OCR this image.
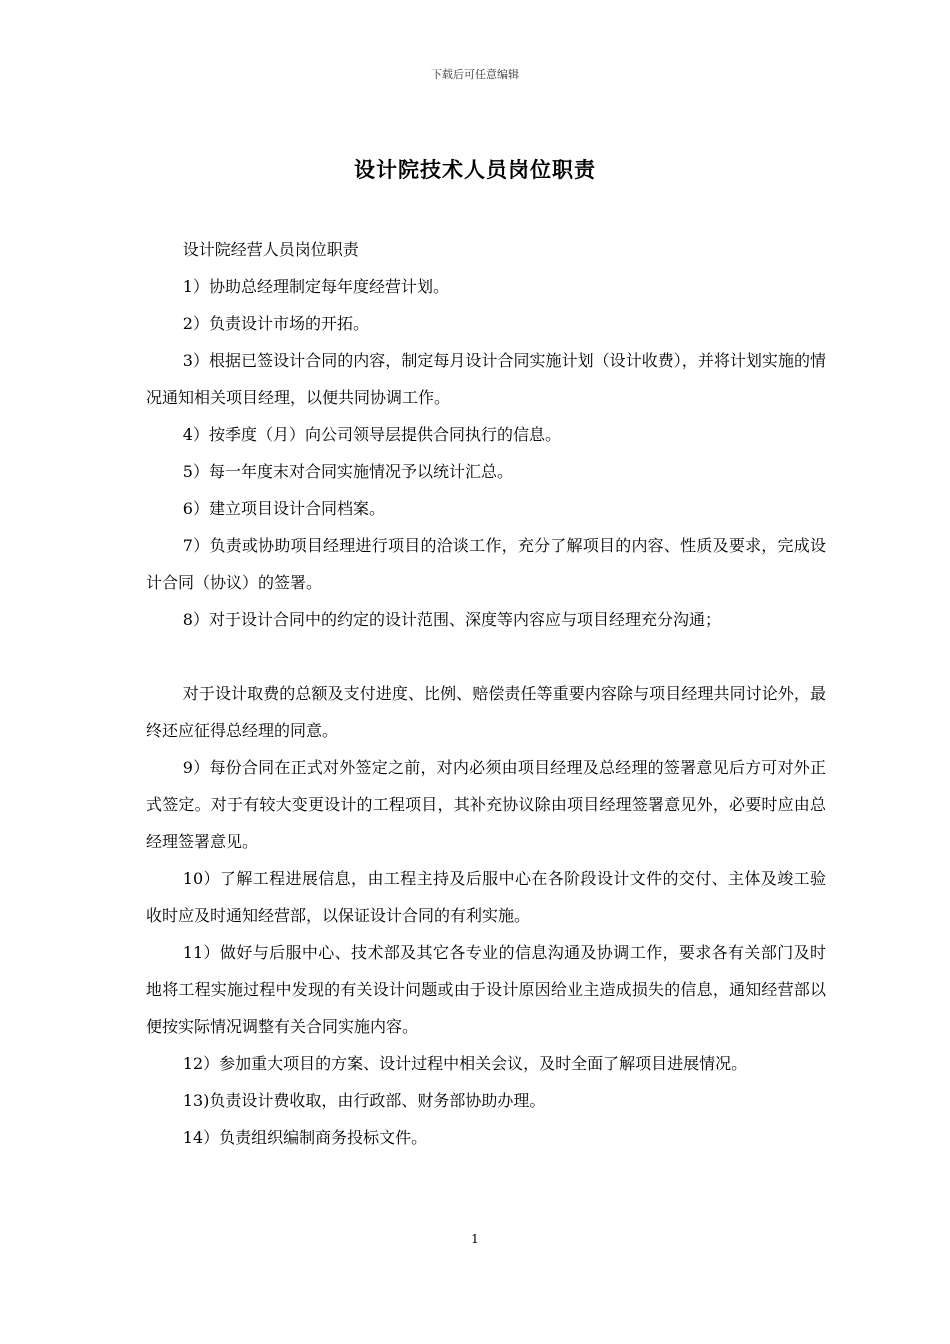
下载后可任意编辑
设计院技术人员岗位职责

设计院经营人员岗位职责

1）协助总经理制定每年度经营计划。

2）负责设计市场的开拓。

3）根据已签设计合同的内容，制定每月设计合同实施计划（设计收费），并将计划实施的情况通知相关项目经理，以便共同协调工作。

4）按季度（月）向公司领导层提供合同执行的信息。

5）每一年度末对合同实施情况予以统计汇总。

6）建立项目设计合同档案。

7）负责或协助项目经理进行项目的洽谈工作，充分了解项目的内容、性质及要求，完成设计合同（协议）的签署。

8）对于设计合同中的约定的设计范围、深度等内容应与项目经理充分沟通；

对于设计取费的总额及支付进度、比例、赔偿责任等重要内容除与项目经理共同讨论外，最终还应征得总经理的同意。

9）每份合同在正式对外签定之前，对内必须由项目经理及总经理的签署意见后方可对外正式签定。对于有较大变更设计的工程项目，其补充协议除由项目经理签署意见外，必要时应由总经理签署意见。

10）了解工程进展信息，由工程主持及后服中心在各阶段设计文件的交付、主体及竣工验收时应及时通知经营部，以保证设计合同的有利实施。

11）做好与后服中心、技术部及其它各专业的信息沟通及协调工作，要求各有关部门及时地将工程实施过程中发现的有关设计问题或由于设计原因给业主造成损失的信息，通知经营部以便按实际情况调整有关合同实施内容。

12）参加重大项目的方案、设计过程中相关会议，及时全面了解项目进展情况。

13)负责设计费收取，由行政部、财务部协助办理。

14）负责组织编制商务投标文件。

1
